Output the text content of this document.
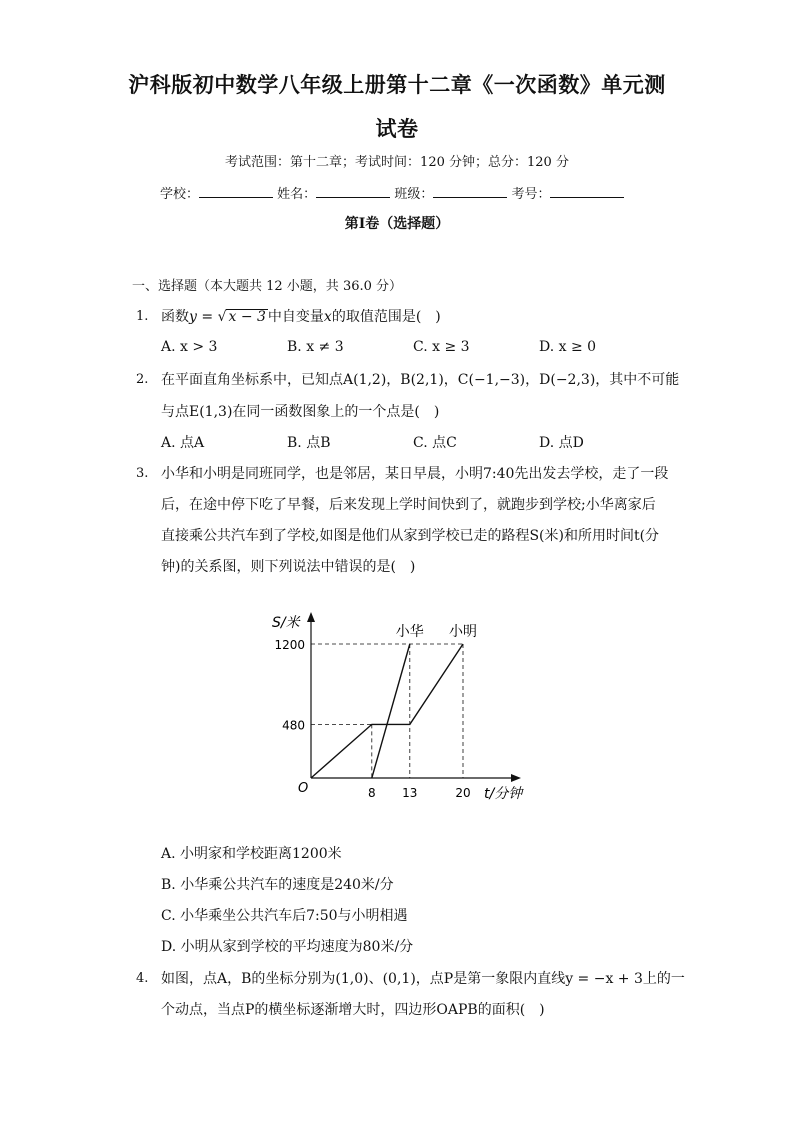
沪科版初中数学八年级上册第十二章《一次函数》单元测
试卷
考试范围：第十二章；考试时间：120 分钟；总分：120 分
学校：	姓名：	班级：	考号：
第I卷（选择题）
一、选择题（本大题共 12 小题，共 36.0 分）
1. 函数y = √ x − 3 中自变量x的取值范围是(　)
A. x > 3	B. x ≠ 3	C. x ≥ 3	D. x ≥ 0
2. 在平面直角坐标系中，已知点A(1,2)，B(2,1)，C(−1,−3)，D(−2,3)，其中不可能
与点E(1,3)在同一函数图象上的一个点是(　)
A. 点A	B. 点B	C. 点C	D. 点D
3. 小华和小明是同班同学，也是邻居，某日早晨，小明7:40先出发去学校，走了一段
后，在途中停下吃了早餐，后来发现上学时间快到了，就跑步到学校;小华离家后
直接乘公共汽车到了学校,如图是他们从家到学校已走的路程S(米)和所用时间t(分
钟)的关系图，则下列说法中错误的是(　)
S/米
t/分钟
O
480
1200
8 13	20
小华 小明
A. 小明家和学校距离1200米
B. 小华乘公共汽车的速度是240米/分
C. 小华乘坐公共汽车后7:50与小明相遇
D. 小明从家到学校的平均速度为80米/分
4. 如图，点A，B的坐标分别为(1,0)、(0,1)，点P是第一象限内直线y = −x + 3上的一
个动点，当点P的横坐标逐渐增大时，四边形OAPB的面积(　)
